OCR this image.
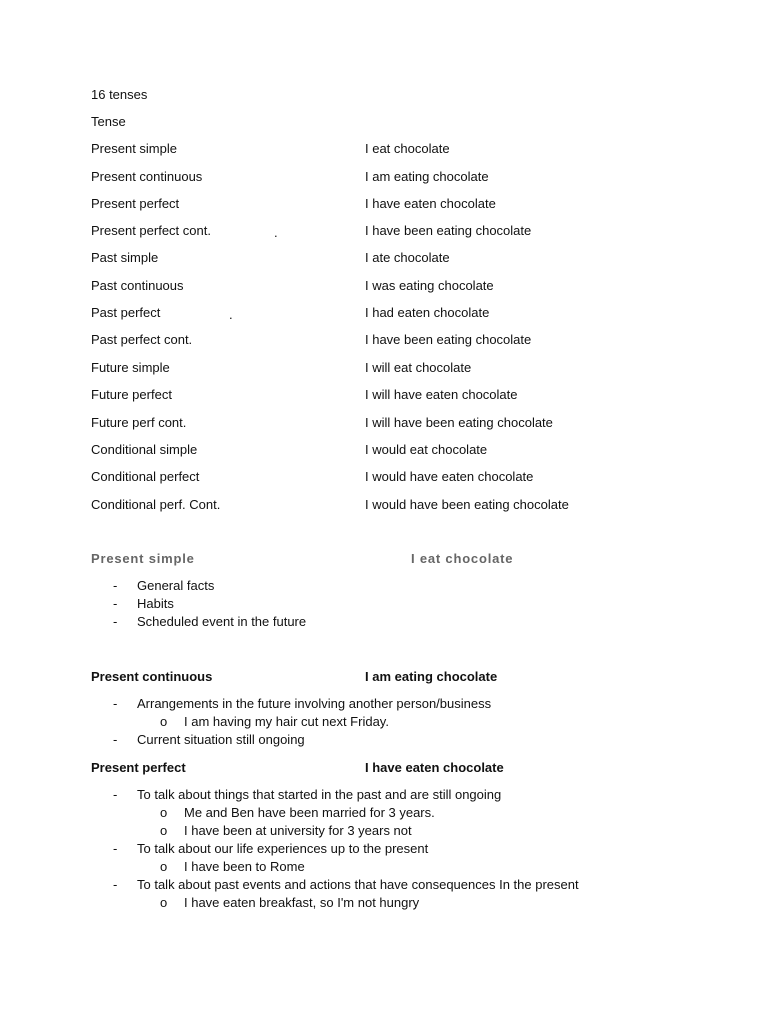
16 tenses
Tense
Present simple	I eat chocolate
Present continuous	I am eating chocolate
Present perfect	I have eaten chocolate
Present perfect cont.	.	I have been eating chocolate
Past simple	I ate chocolate
Past continuous	I was eating chocolate
Past perfect	.	I had eaten chocolate
Past perfect cont.	I have been eating chocolate
Future simple	I will eat chocolate
Future perfect	I will have eaten chocolate
Future perf cont.	I will have been eating chocolate
Conditional simple	I would eat chocolate
Conditional perfect	I would have eaten chocolate
Conditional perf. Cont.	I would have been eating chocolate
Present simple	I eat chocolate
- General facts
- Habits
- Scheduled event in the future
Present continuous	I am eating chocolate
- Arrangements in the future involving another person/business
o I am having my hair cut next Friday.
- Current situation still ongoing
Present perfect	I have eaten chocolate
- To talk about things that started in the past and are still ongoing
o Me and Ben have been married for 3 years.
o I have been at university for 3 years not
- To talk about our life experiences up to the present
o I have been to Rome
- To talk about past events and actions that have consequences In the present
o I have eaten breakfast, so I'm not hungry
